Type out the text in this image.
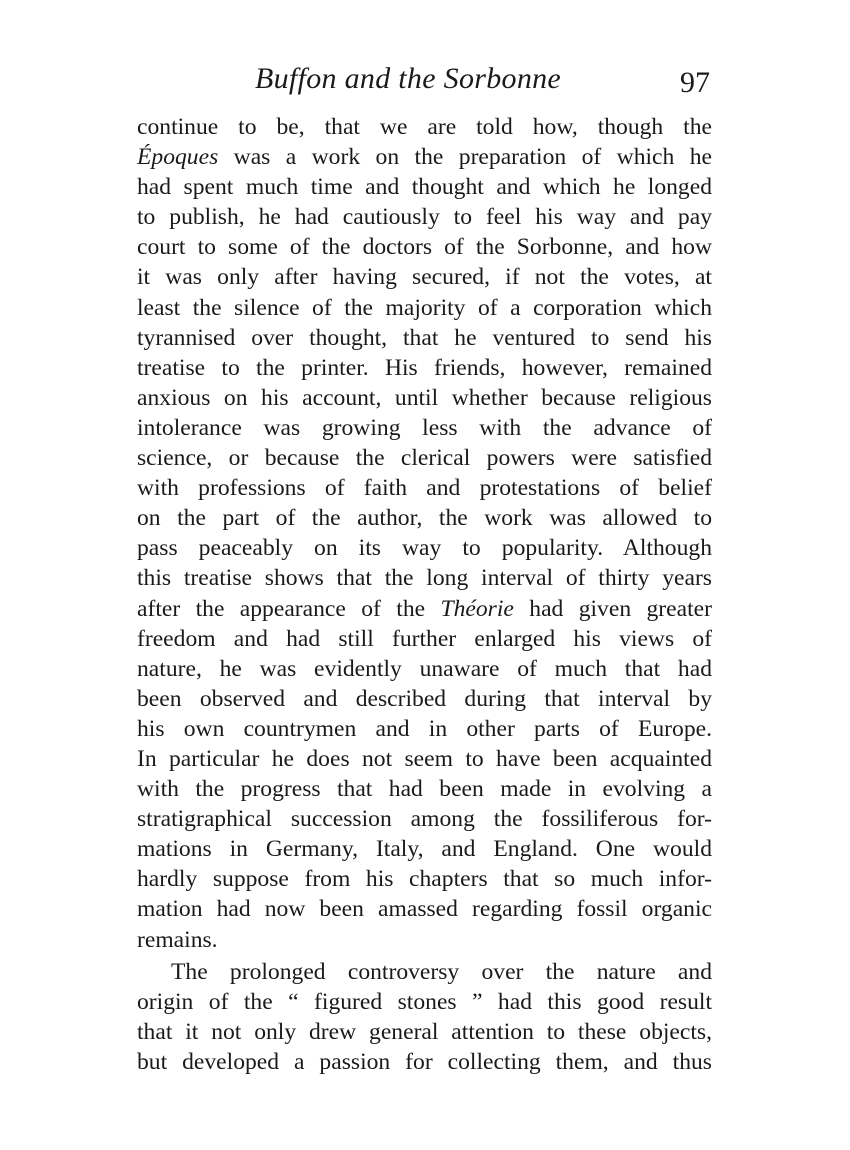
Buffon and the Sorbonne	97
continue to be, that we are told how, though the
Époques was a work on the preparation of which he
had spent much time and thought and which he longed
to publish, he had cautiously to feel his way and pay
court to some of the doctors of the Sorbonne, and how
it was only after having secured, if not the votes, at
least the silence of the majority of a corporation which
tyrannised over thought, that he ventured to send his
treatise to the printer. His friends, however, remained
anxious on his account, until whether because religious
intolerance was growing less with the advance of
science, or because the clerical powers were satisfied
with professions of faith and protestations of belief
on the part of the author, the work was allowed to
pass peaceably on its way to popularity. Although
this treatise shows that the long interval of thirty years
after the appearance of the Théorie had given greater
freedom and had still further enlarged his views of
nature, he was evidently unaware of much that had
been observed and described during that interval by
his own countrymen and in other parts of Europe.
In particular he does not seem to have been acquainted
with the progress that had been made in evolving a
stratigraphical succession among the fossiliferous for-
mations in Germany, Italy, and England. One would
hardly suppose from his chapters that so much infor-
mation had now been amassed regarding fossil organic
remains.
The prolonged controversy over the nature and
origin of the “ figured stones ” had this good result
that it not only drew general attention to these objects,
but developed a passion for collecting them, and thus
